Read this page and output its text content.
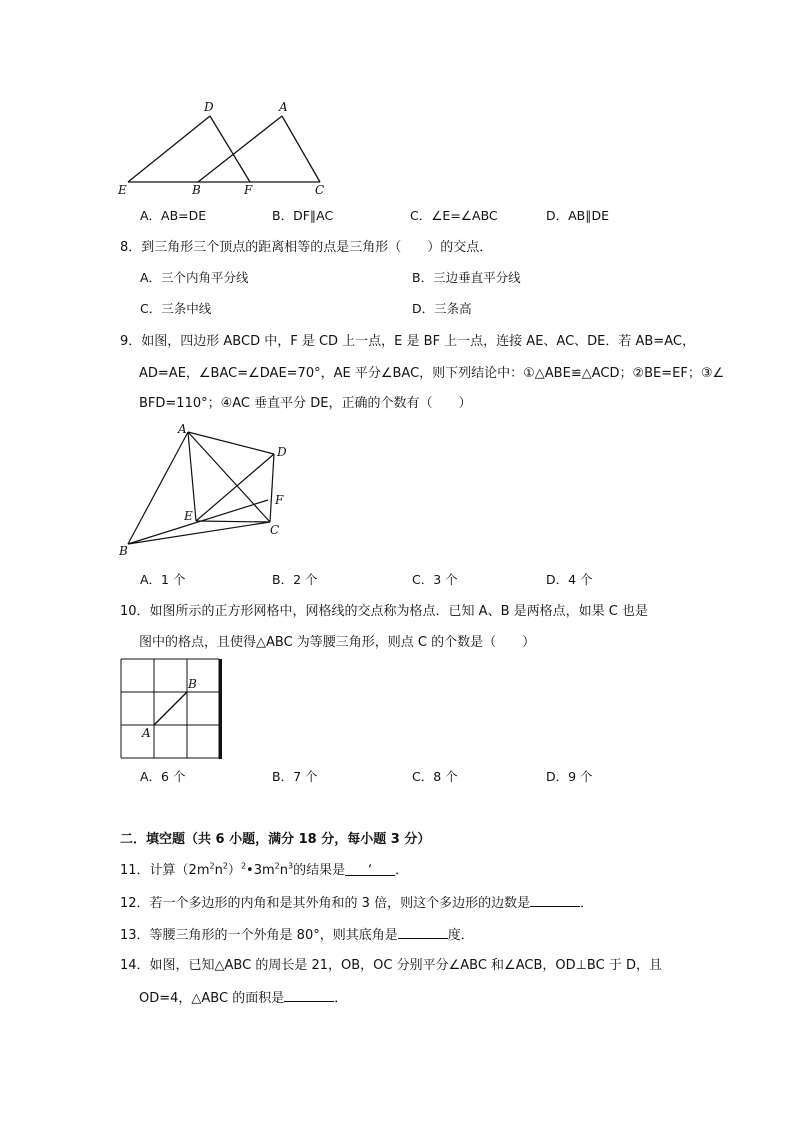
D	A
E	B	F	C
A．AB=DE	B．DF∥AC	C．∠E=∠ABC	D．AB∥DE
8．到三角形三个顶点的距离相等的点是三角形（　　）的交点．
A．三个内角平分线	B．三边垂直平分线
C．三条中线	D．三条高
9．如图，四边形 ABCD 中，F 是 CD 上一点，E 是 BF 上一点，连接 AE、AC、DE．若 AB=AC，
AD=AE，∠BAC=∠DAE=70°，AE 平分∠BAC，则下列结论中：①△ABE≌△ACD；②BE=EF；③∠
BFD=110°；④AC 垂直平分 DE，正确的个数有（　　）
A
D
F
E
C
B
A．1 个	B．2 个	C．3 个	D．4 个
10．如图所示的正方形网格中，网格线的交点称为格点．已知 A、B 是两格点，如果 C 也是
图中的格点，且使得△ABC 为等腰三角形，则点 C 的个数是（　　）
B
A
A．6 个	B．7 个	C．8 个	D．9 个
二．填空题（共 6 小题，满分 18 分，每小题 3 分）
11．计算$(2m^2n^2)^2•3m^2n^3$的结果是 ‘ ．
12．若一个多边形的内角和是其外角和的 3 倍，则这个多边形的边数是	．
13．等腰三角形的一个外角是 80°，则其底角是	度．
14．如图，已知△ABC 的周长是 21，OB，OC 分别平分∠ABC 和∠ACB，OD⊥BC 于 D，且
OD=4，△ABC 的面积是	．
